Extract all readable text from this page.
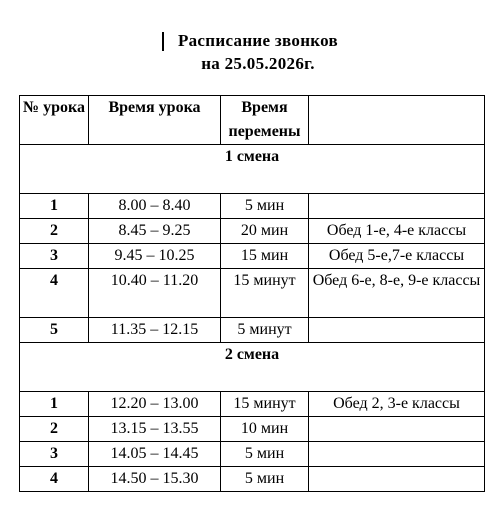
Расписание звонков
на 25.05.2026г.
№ урока	Время урока	Время перемены	
1 смена			
1	8.00 – 8.40	5 мин	
2	8.45 – 9.25	20 мин	Обед 1-е, 4-е классы
3	9.45 – 10.25	15 мин	Обед 5-е,7-е классы
4	10.40 – 11.20	15 минут	Обед 6-е, 8-е, 9-е классы
5	11.35 – 12.15	5 минут	
2 смена			
1	12.20 – 13.00	15 минут	Обед 2, 3-е классы
2	13.15 – 13.55	10 мин	
3	14.05 – 14.45	5 мин	
4	14.50 – 15.30	5 мин	
